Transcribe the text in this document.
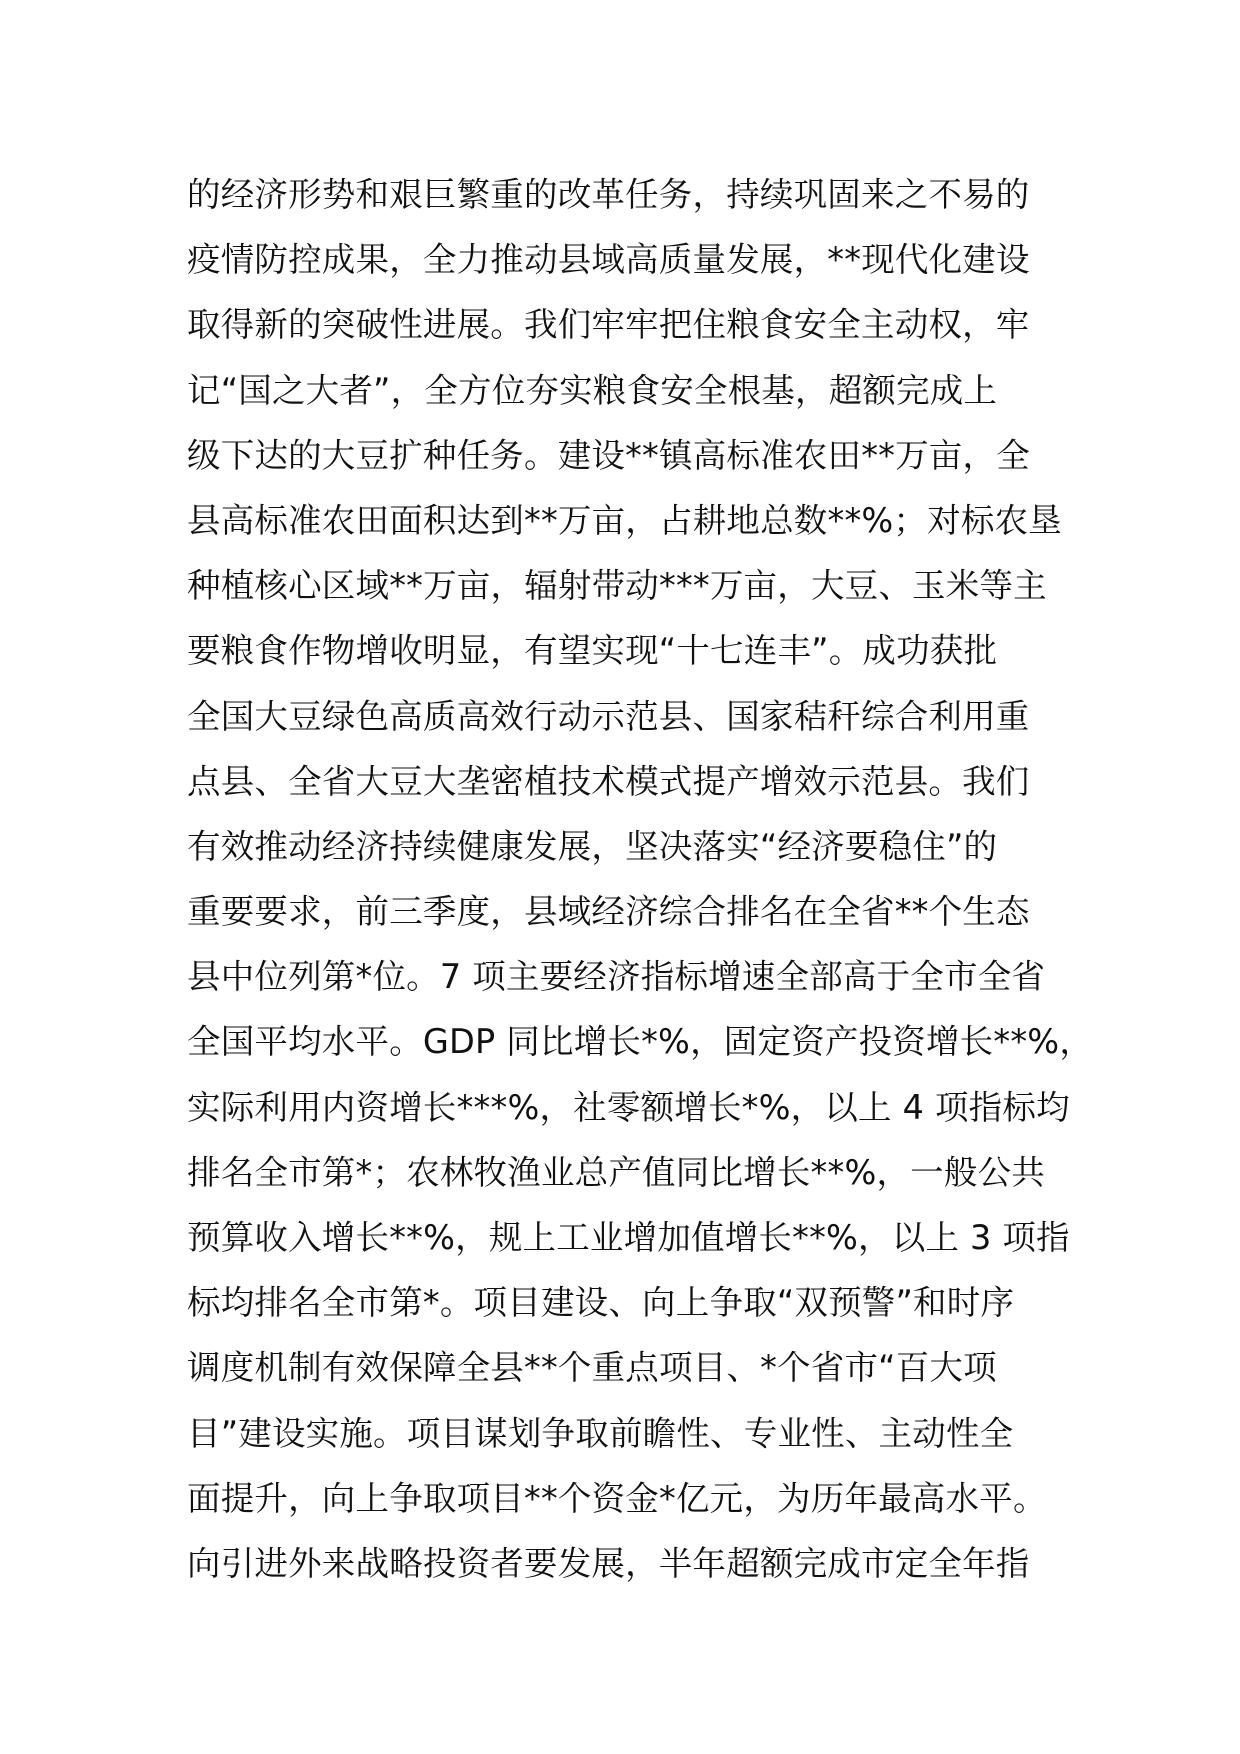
的经济形势和艰巨繁重的改革任务，持续巩固来之不易的
疫情防控成果，全力推动县域高质量发展，**现代化建设
取得新的突破性进展。我们牢牢把住粮食安全主动权，牢
记“国之大者”，全方位夯实粮食安全根基，超额完成上
级下达的大豆扩种任务。建设**镇高标准农田**万亩，全
县高标准农田面积达到**万亩，占耕地总数**%；对标农垦
种植核心区域**万亩，辐射带动***万亩，大豆、玉米等主
要粮食作物增收明显，有望实现“十七连丰”。成功获批
全国大豆绿色高质高效行动示范县、国家秸秆综合利用重
点县、全省大豆大垄密植技术模式提产增效示范县。我们
有效推动经济持续健康发展，坚决落实“经济要稳住”的
重要要求，前三季度，县域经济综合排名在全省**个生态
县中位列第*位。7 项主要经济指标增速全部高于全市全省
全国平均水平。GDP 同比增长*%，固定资产投资增长**%，
实际利用内资增长***%，社零额增长*%，以上 4 项指标均
排名全市第*；农林牧渔业总产值同比增长**%，一般公共
预算收入增长**%，规上工业增加值增长**%，以上 3 项指
标均排名全市第*。项目建设、向上争取“双预警”和时序
调度机制有效保障全县**个重点项目、*个省市“百大项
目”建设实施。项目谋划争取前瞻性、专业性、主动性全
面提升，向上争取项目**个资金*亿元，为历年最高水平。
向引进外来战略投资者要发展，半年超额完成市定全年指
